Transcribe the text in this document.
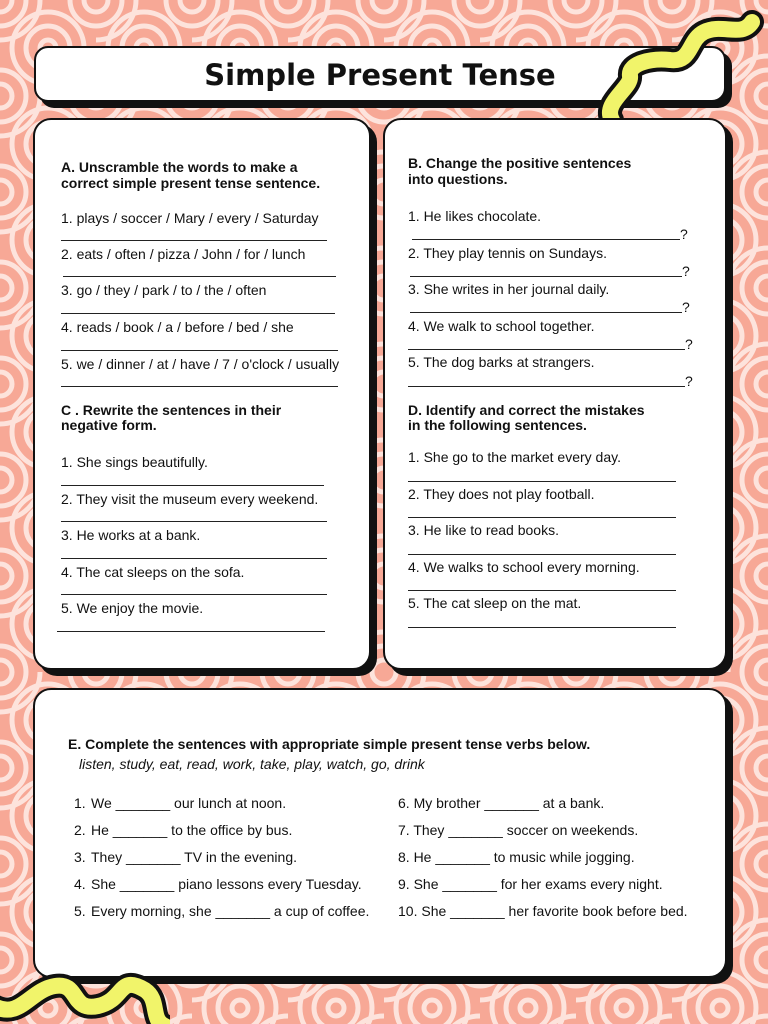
Simple Present Tense

A. Unscramble the words to make a

correct simple present tense sentence.

1. plays / soccer / Mary / every / Saturday
2. eats / often / pizza / John / for / lunch
3. go / they / park / to / the / often
4. reads / book / a / before / bed / she
5. we / dinner / at / have / 7 / o'clock / usually

C . Rewrite the sentences in their

negative form.

1. She sings beautifully.
2. They visit the museum every weekend.
3. He works at a bank.
4. The cat sleeps on the sofa.
5. We enjoy the movie.

B. Change the positive sentences

into questions.

1. He likes chocolate.
?
2. They play tennis on Sundays.
?
3. She writes in her journal daily.
?
4. We walk to school together.
?
5. The dog barks at strangers.
?

D. Identify and correct the mistakes

in the following sentences.

1. She go to the market every day.
2. They does not play football.
3. He like to read books.
4. We walks to school every morning.
5. The cat sleep on the mat.

E. Complete the sentences with appropriate simple present tense verbs below.

listen, study, eat, read, work, take, play, watch, go, drink
1. We _______ our lunch at noon.
2. He _______ to the office by bus.
3. They _______ TV in the evening.
4. She _______ piano lessons every Tuesday.
5. Every morning, she _______ a cup of coffee.
6. My brother _______ at a bank.
7. They _______ soccer on weekends.
8. He _______ to music while jogging.
9. She _______ for her exams every night.
10. She _______ her favorite book before bed.
